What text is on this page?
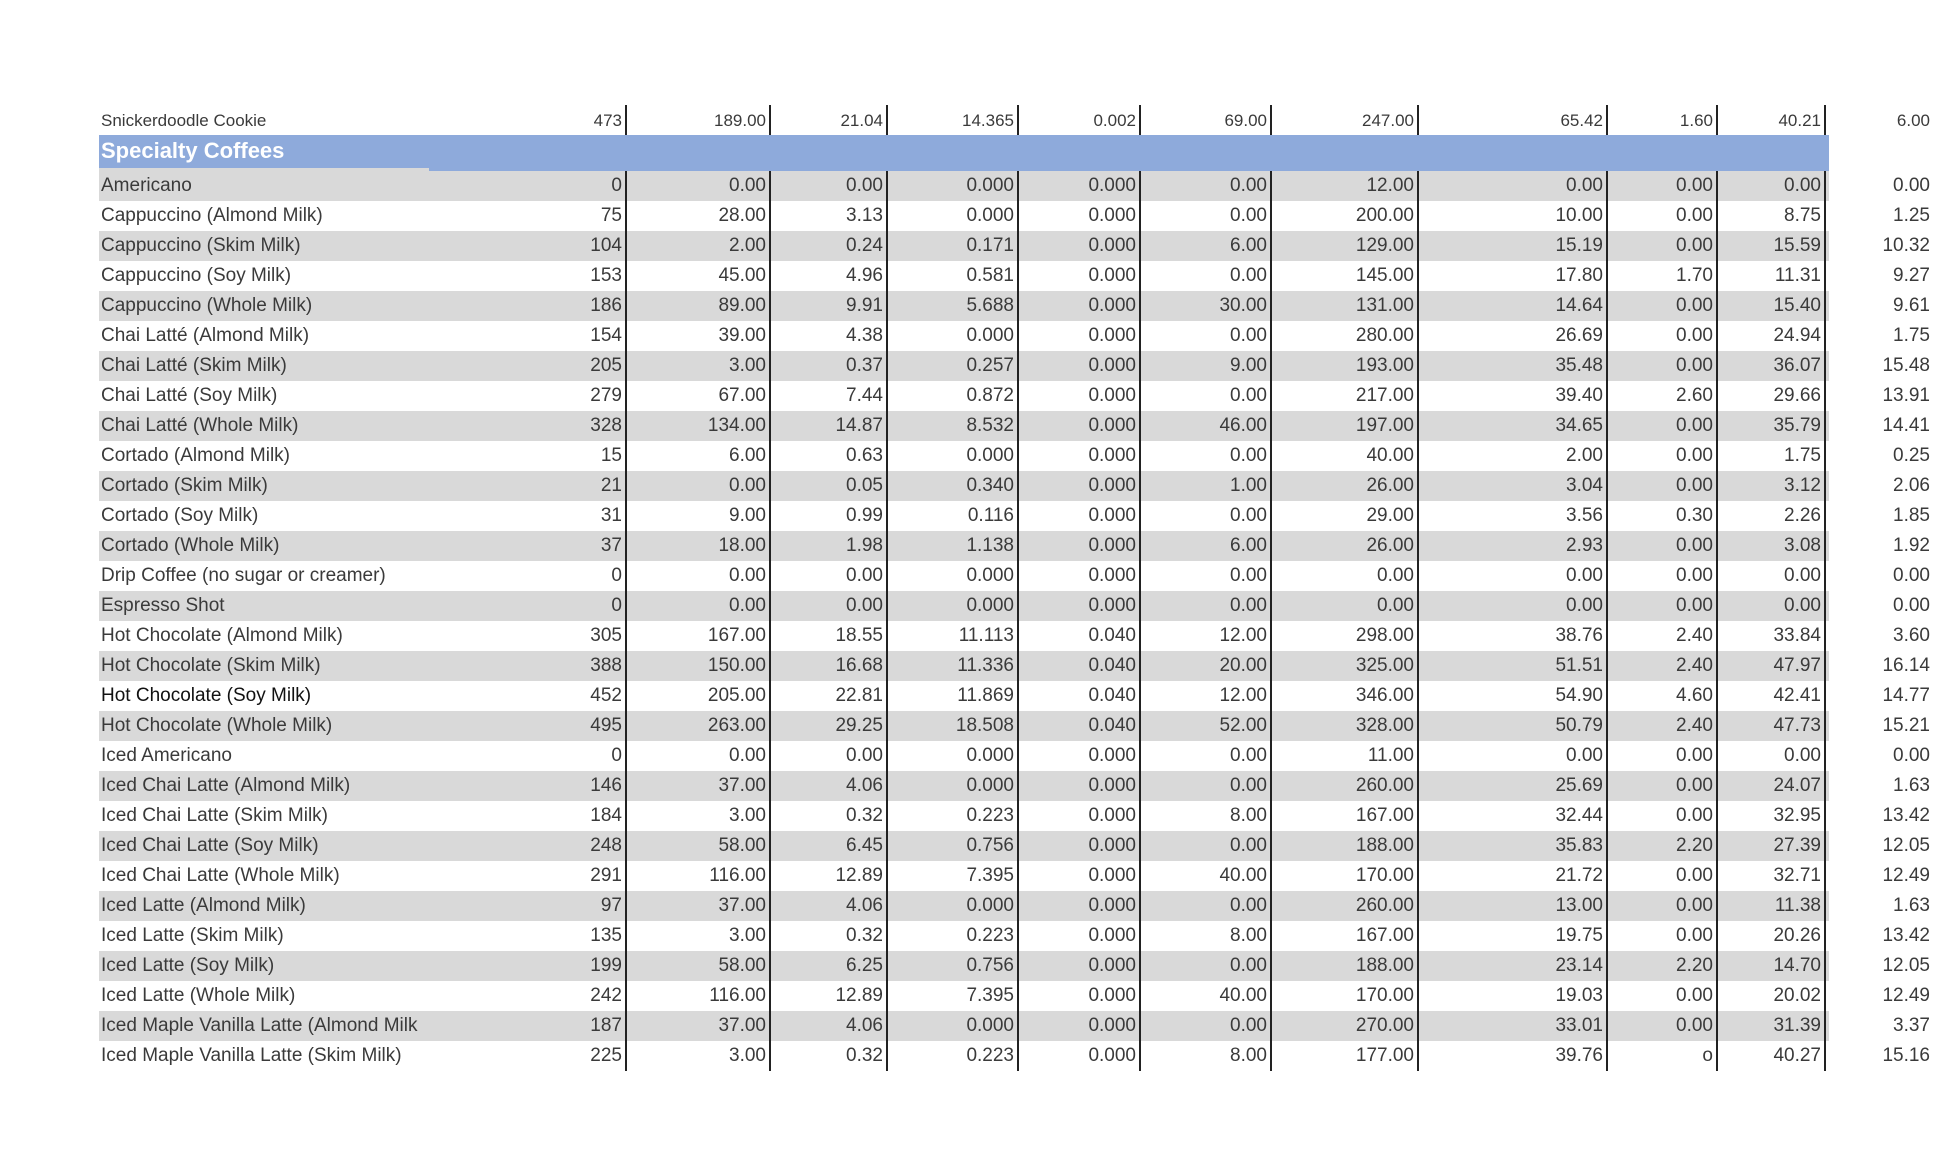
Snickerdoodle Cookie	473	189.00	21.04	14.365	0.002	69.00	247.00	65.42	1.60	40.21	6.00
Specialty Coffees
Americano	0	0.00	0.00	0.000	0.000	0.00	12.00	0.00	0.00	0.00	0.00
Cappuccino (Almond Milk)	75	28.00	3.13	0.000	0.000	0.00	200.00	10.00	0.00	8.75	1.25
Cappuccino (Skim Milk)	104	2.00	0.24	0.171	0.000	6.00	129.00	15.19	0.00	15.59	10.32
Cappuccino (Soy Milk)	153	45.00	4.96	0.581	0.000	0.00	145.00	17.80	1.70	11.31	9.27
Cappuccino (Whole Milk)	186	89.00	9.91	5.688	0.000	30.00	131.00	14.64	0.00	15.40	9.61
Chai Latté (Almond Milk)	154	39.00	4.38	0.000	0.000	0.00	280.00	26.69	0.00	24.94	1.75
Chai Latté (Skim Milk)	205	3.00	0.37	0.257	0.000	9.00	193.00	35.48	0.00	36.07	15.48
Chai Latté (Soy Milk)	279	67.00	7.44	0.872	0.000	0.00	217.00	39.40	2.60	29.66	13.91
Chai Latté (Whole Milk)	328	134.00	14.87	8.532	0.000	46.00	197.00	34.65	0.00	35.79	14.41
Cortado (Almond Milk)	15	6.00	0.63	0.000	0.000	0.00	40.00	2.00	0.00	1.75	0.25
Cortado (Skim Milk)	21	0.00	0.05	0.340	0.000	1.00	26.00	3.04	0.00	3.12	2.06
Cortado (Soy Milk)	31	9.00	0.99	0.116	0.000	0.00	29.00	3.56	0.30	2.26	1.85
Cortado (Whole Milk)	37	18.00	1.98	1.138	0.000	6.00	26.00	2.93	0.00	3.08	1.92
Drip Coffee (no sugar or creamer)	0	0.00	0.00	0.000	0.000	0.00	0.00	0.00	0.00	0.00	0.00
Espresso Shot	0	0.00	0.00	0.000	0.000	0.00	0.00	0.00	0.00	0.00	0.00
Hot Chocolate (Almond Milk)	305	167.00	18.55	11.113	0.040	12.00	298.00	38.76	2.40	33.84	3.60
Hot Chocolate (Skim Milk)	388	150.00	16.68	11.336	0.040	20.00	325.00	51.51	2.40	47.97	16.14
Hot Chocolate (Soy Milk)	452	205.00	22.81	11.869	0.040	12.00	346.00	54.90	4.60	42.41	14.77
Hot Chocolate (Whole Milk)	495	263.00	29.25	18.508	0.040	52.00	328.00	50.79	2.40	47.73	15.21
Iced Americano	0	0.00	0.00	0.000	0.000	0.00	11.00	0.00	0.00	0.00	0.00
Iced Chai Latte (Almond Milk)	146	37.00	4.06	0.000	0.000	0.00	260.00	25.69	0.00	24.07	1.63
Iced Chai Latte (Skim Milk)	184	3.00	0.32	0.223	0.000	8.00	167.00	32.44	0.00	32.95	13.42
Iced Chai Latte (Soy Milk)	248	58.00	6.45	0.756	0.000	0.00	188.00	35.83	2.20	27.39	12.05
Iced Chai Latte (Whole Milk)	291	116.00	12.89	7.395	0.000	40.00	170.00	21.72	0.00	32.71	12.49
Iced Latte (Almond Milk)	97	37.00	4.06	0.000	0.000	0.00	260.00	13.00	0.00	11.38	1.63
Iced Latte (Skim Milk)	135	3.00	0.32	0.223	0.000	8.00	167.00	19.75	0.00	20.26	13.42
Iced Latte (Soy Milk)	199	58.00	6.25	0.756	0.000	0.00	188.00	23.14	2.20	14.70	12.05
Iced Latte (Whole Milk)	242	116.00	12.89	7.395	0.000	40.00	170.00	19.03	0.00	20.02	12.49
Iced Maple Vanilla Latte (Almond Milk	187	37.00	4.06	0.000	0.000	0.00	270.00	33.01	0.00	31.39	3.37
Iced Maple Vanilla Latte (Skim Milk)	225	3.00	0.32	0.223	0.000	8.00	177.00	39.76	o	40.27	15.16
